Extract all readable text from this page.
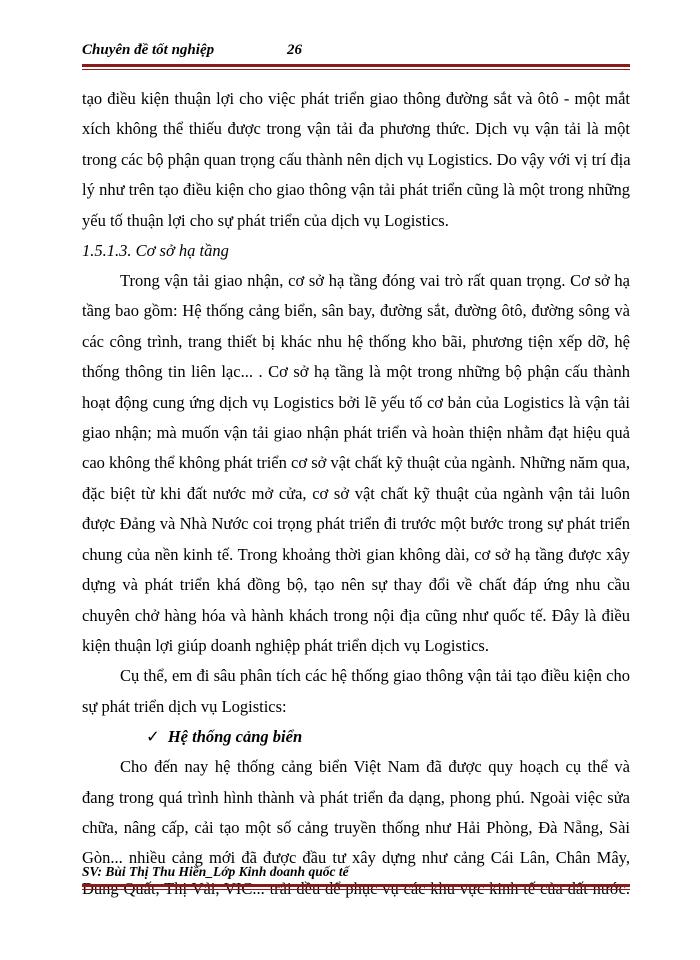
Chuyên đề tốt nghiệp	26
tạo điều kiện thuận lợi cho việc phát triển giao thông đường sắt và ôtô - một mắt
xích không thể thiếu được trong vận tải đa phương thức. Dịch vụ vận tải là một
trong các bộ phận quan trọng cấu thành nên dịch vụ Logistics. Do vậy với vị trí địa
lý như trên tạo điều kiện cho giao thông vận tải phát triển cũng là một trong những
yếu tố thuận lợi cho sự phát triển của dịch vụ Logistics.

1.5.1.3. Cơ sở hạ tầng

Trong vận tải giao nhận, cơ sở hạ tầng đóng vai trò rất quan trọng. Cơ sở hạ
tầng bao gồm: Hệ thống cảng biển, sân bay, đường sắt, đường ôtô, đường sông và
các công trình, trang thiết bị khác nhu hệ thống kho bãi, phương tiện xếp dỡ, hệ
thống thông tin liên lạc... . Cơ sở hạ tầng là một trong những bộ phận cấu thành
hoạt động cung ứng dịch vụ Logistics bởi lẽ yếu tố cơ bản của Logistics là vận tải
giao nhận; mà muốn vận tải giao nhận phát triển và hoàn thiện nhằm đạt hiệu quả
cao không thể không phát triển cơ sở vật chất kỹ thuật của ngành. Những năm qua,
đặc biệt từ khi đất nước mở cửa, cơ sở vật chất kỹ thuật của ngành vận tải luôn
được Đảng và Nhà Nước coi trọng phát triển đi trước một bước trong sự phát triển
chung của nền kinh tế. Trong khoảng thời gian không dài, cơ sở hạ tầng được xây
dựng và phát triển khá đồng bộ, tạo nên sự thay đổi về chất đáp ứng nhu cầu
chuyên chở hàng hóa và hành khách trong nội địa cũng như quốc tế. Đây là điều
kiện thuận lợi giúp doanh nghiệp phát triển dịch vụ Logistics.
Cụ thể, em đi sâu phân tích các hệ thống giao thông vận tải tạo điều kiện cho
sự phát triển dịch vụ Logistics:

✓ Hệ thống cảng biển

Cho đến nay hệ thống cảng biển Việt Nam đã được quy hoạch cụ thể và
đang trong quá trình hình thành và phát triển đa dạng, phong phú. Ngoài việc sửa
chữa, nâng cấp, cải tạo một số cảng truyền thống như Hải Phòng, Đà Nẵng, Sài
Gòn... nhiều cảng mới đã được đầu tư xây dựng như cảng Cái Lân, Chân Mây,
SV: Bùi Thị Thu Hiền_Lớp Kinh doanh quốc tế
